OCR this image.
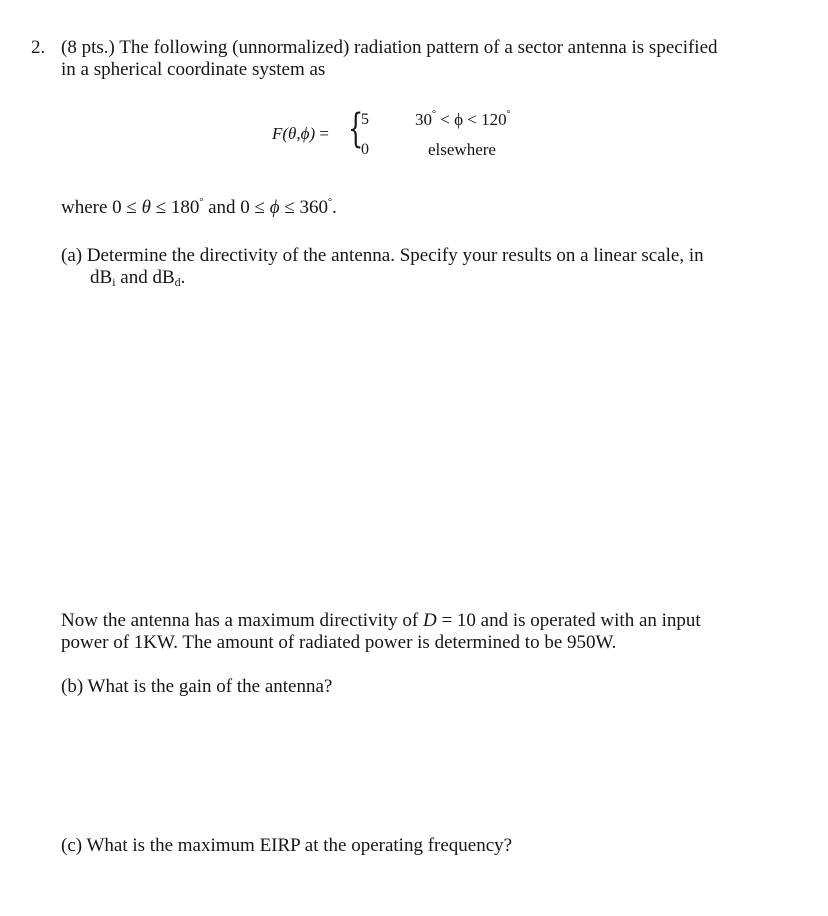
2. (8 pts.) The following (unnormalized) radiation pattern of a sector antenna is specified
in a spherical coordinate system as
F(θ,ϕ) = {
5
0
30° < ϕ < 120°
elsewhere
where 0 ≤ θ ≤ 180° and 0 ≤ ϕ ≤ 360°.
(a) Determine the directivity of the antenna. Specify your results on a linear scale, in
$dB_i$ and $dB_d$.
Now the antenna has a maximum directivity of D = 10 and is operated with an input
power of 1KW. The amount of radiated power is determined to be 950W.
(b) What is the gain of the antenna?
(c) What is the maximum EIRP at the operating frequency?
